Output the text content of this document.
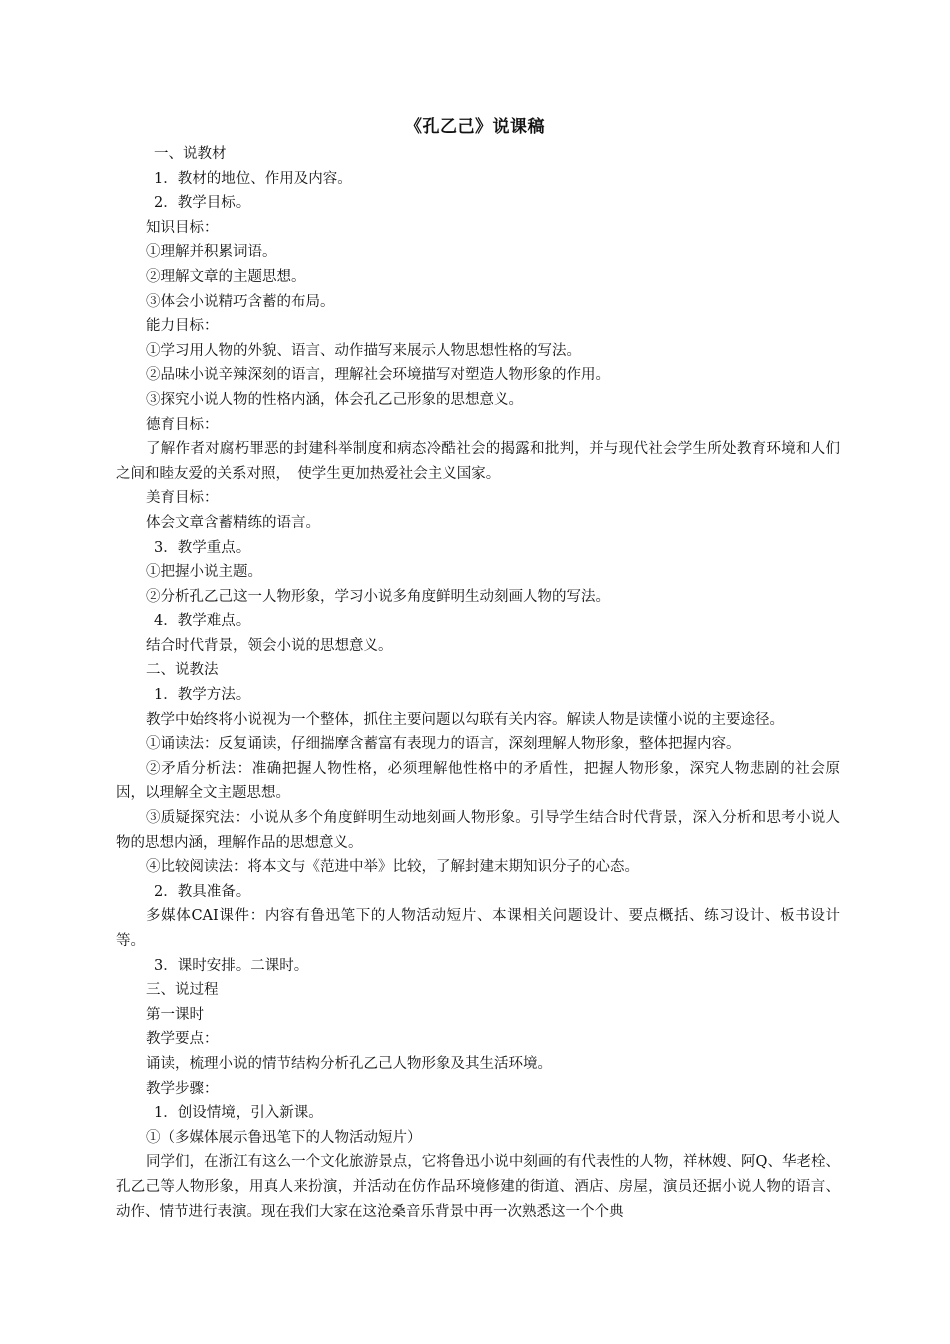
《孔乙己》说课稿

一、说教材

1．教材的地位、作用及内容。

2．教学目标。

知识目标：

①理解并积累词语。

②理解文章的主题思想。

③体会小说精巧含蓄的布局。

能力目标：

①学习用人物的外貌、语言、动作描写来展示人物思想性格的写法。

②品味小说辛辣深刻的语言，理解社会环境描写对塑造人物形象的作用。

③探究小说人物的性格内涵，体会孔乙己形象的思想意义。

德育目标：

了解作者对腐朽罪恶的封建科举制度和病态冷酷社会的揭露和批判，并与现代社会学生所处教育环境和人们之间和睦友爱的关系对照，　使学生更加热爱社会主义国家。

美育目标：

体会文章含蓄精练的语言。

3．教学重点。

①把握小说主题。

②分析孔乙己这一人物形象，学习小说多角度鲜明生动刻画人物的写法。

4．教学难点。

结合时代背景，领会小说的思想意义。

二、说教法

1．教学方法。

教学中始终将小说视为一个整体，抓住主要问题以勾联有关内容。解读人物是读懂小说的主要途径。

①诵读法：反复诵读，仔细揣摩含蓄富有表现力的语言，深刻理解人物形象，整体把握内容。

②矛盾分析法：准确把握人物性格，必须理解他性格中的矛盾性，把握人物形象，深究人物悲剧的社会原因，以理解全文主题思想。

③质疑探究法：小说从多个角度鲜明生动地刻画人物形象。引导学生结合时代背景，深入分析和思考小说人物的思想内涵，理解作品的思想意义。

④比较阅读法：将本文与《范进中举》比较，了解封建末期知识分子的心态。

2．教具准备。

多媒体CAI课件：内容有鲁迅笔下的人物活动短片、本课相关问题设计、要点概括、练习设计、板书设计等。

3．课时安排。二课时。

三、说过程

第一课时

教学要点：

诵读，梳理小说的情节结构分析孔乙己人物形象及其生活环境。

教学步骤：

1．创设情境，引入新课。

①（多媒体展示鲁迅笔下的人物活动短片）

同学们，在浙江有这么一个文化旅游景点，它将鲁迅小说中刻画的有代表性的人物，祥林嫂、阿Q、华老栓、孔乙己等人物形象，用真人来扮演，并活动在仿作品环境修建的街道、酒店、房屋，演员还据小说人物的语言、动作、情节进行表演。现在我们大家在这沧桑音乐背景中再一次熟悉这一个个典
